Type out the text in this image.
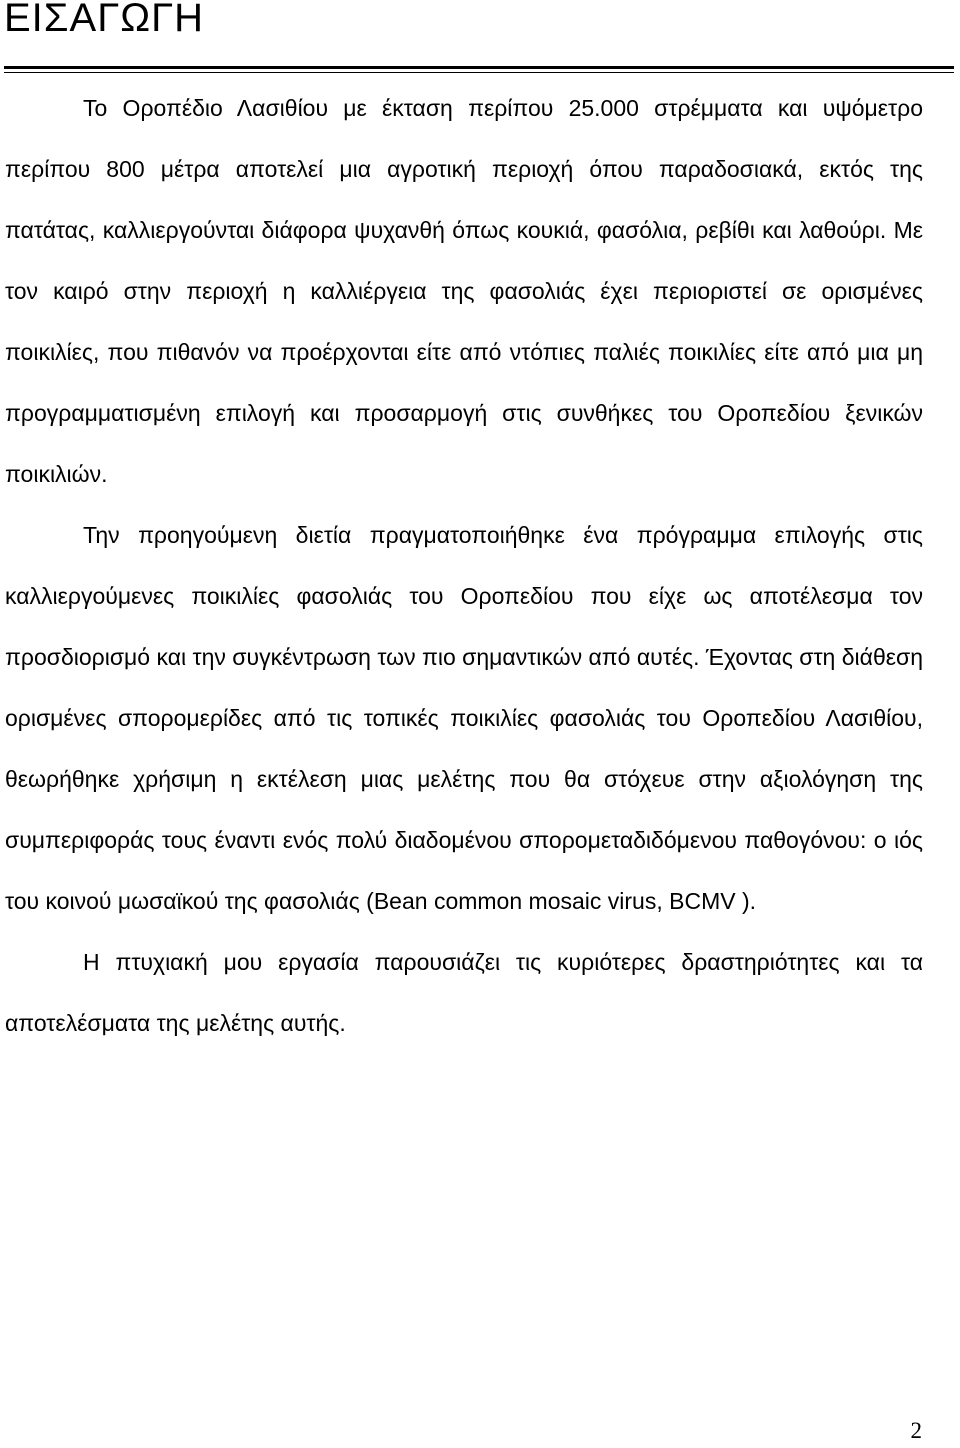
ΕΙΣΑΓΩΓΗ

Το Οροπέδιο Λασιθίου με έκταση περίπου 25.000 στρέμματα και υψόμετρο περίπου 800 μέτρα αποτελεί μια αγροτική περιοχή όπου παραδοσιακά, εκτός της πατάτας, καλλιεργούνται διάφορα ψυχανθή όπως κουκιά, φασόλια, ρεβίθι και λαθούρι. Με τον καιρό στην περιοχή η καλλιέργεια της φασολιάς έχει περιοριστεί σε ορισμένες ποικιλίες, που πιθανόν να προέρχονται είτε από ντόπιες παλιές ποικιλίες είτε από μια μη προγραμματισμένη επιλογή και προσαρμογή στις συνθήκες του Οροπεδίου ξενικών ποικιλιών.

Την προηγούμενη διετία πραγματοποιήθηκε ένα πρόγραμμα επιλογής στις καλλιεργούμενες ποικιλίες φασολιάς του Οροπεδίου που είχε ως αποτέλεσμα τον προσδιορισμό και την συγκέντρωση των πιο σημαντικών από αυτές. Έχοντας στη διάθεση ορισμένες σπορομερίδες από τις τοπικές ποικιλίες φασολιάς του Οροπεδίου Λασιθίου, θεωρήθηκε χρήσιμη η εκτέλεση μιας μελέτης που θα στόχευε στην αξιολόγηση της συμπεριφοράς τους έναντι ενός πολύ διαδομένου σπορομεταδιδόμενου παθογόνου: ο ιός του κοινού μωσαϊκού της φασολιάς (Bean common mosaic virus, BCMV ).

Η πτυχιακή μου εργασία παρουσιάζει τις κυριότερες δραστηριότητες και τα αποτελέσματα της μελέτης αυτής.

2
